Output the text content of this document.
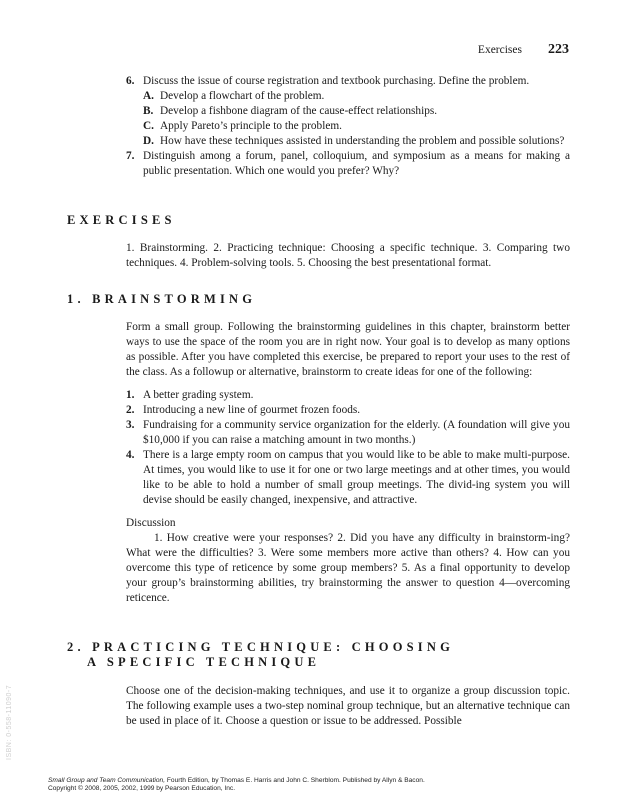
Exercises 223
6. Discuss the issue of course registration and textbook purchasing. Define the problem.
A. Develop a flowchart of the problem.
B. Develop a fishbone diagram of the cause-effect relationships.
C. Apply Pareto’s principle to the problem.
D. How have these techniques assisted in understanding the problem and possible solutions?
7. Distinguish among a forum, panel, colloquium, and symposium as a means for making a public presentation. Which one would you prefer? Why?
EXERCISES

1. Brainstorming. 2. Practicing technique: Choosing a specific technique. 3. Comparing two techniques. 4. Problem-solving tools. 5. Choosing the best presentational format.

1. BRAINSTORMING

Form a small group. Following the brainstorming guidelines in this chapter, brainstorm better ways to use the space of the room you are in right now. Your goal is to develop as many options as possible. After you have completed this exercise, be prepared to report your uses to the rest of the class. As a followup or alternative, brainstorm to create ideas for one of the following:

1. A better grading system.
2. Introducing a new line of gourmet frozen foods.
3. Fundraising for a community service organization for the elderly. (A foundation will give you $10,000 if you can raise a matching amount in two months.)
4. There is a large empty room on campus that you would like to be able to make multi-purpose. At times, you would like to use it for one or two large meetings and at other times, you would like to be able to hold a number of small group meetings. The divid-ing system you will devise should be easily changed, inexpensive, and attractive.

Discussion

1. How creative were your responses? 2. Did you have any difficulty in brainstorm-ing? What were the difficulties? 3. Were some members more active than others? 4. How can you overcome this type of reticence by some group members? 5. As a final opportunity to develop your group’s brainstorming abilities, try brainstorming the answer to question 4—overcoming reticence.

2. PRACTICING TECHNIQUE: CHOOSING
A SPECIFIC TECHNIQUE

Choose one of the decision-making techniques, and use it to organize a group discussion topic. The following example uses a two-step nominal group technique, but an alternative technique can be used in place of it. Choose a question or issue to be addressed. Possible

ISBN: 0-558-11090-7
Small Group and Team Communication, Fourth Edition, by Thomas E. Harris and John C. Sherblom. Published by Allyn & Bacon.
Copyright © 2008, 2005, 2002, 1999 by Pearson Education, Inc.
